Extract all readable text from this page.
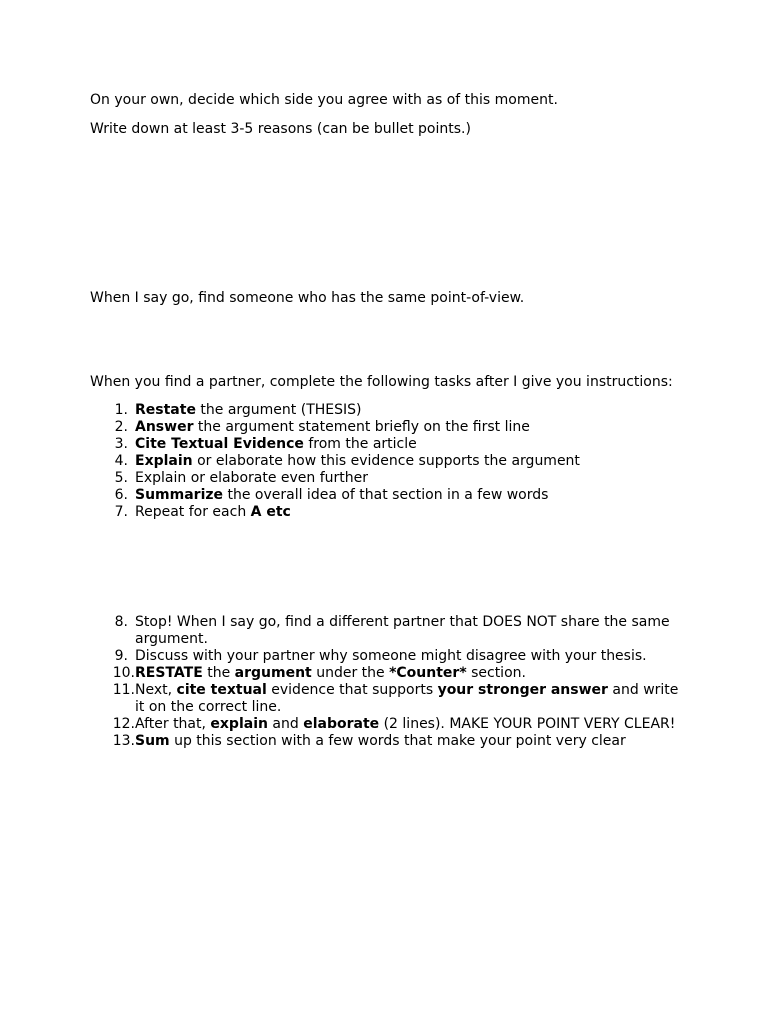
On your own, decide which side you agree with as of this moment.

Write down at least 3-5 reasons (can be bullet points.)

When I say go, find someone who has the same point-of-view.

When you find a partner, complete the following tasks after I give you instructions:

1. Restate the argument (THESIS)
2. Answer the argument statement briefly on the first line
3. Cite Textual Evidence from the article
4. Explain or elaborate how this evidence supports the argument
5. Explain or elaborate even further
6. Summarize the overall idea of that section in a few words
7. Repeat for each A etc
8. Stop! When I say go, find a different partner that DOES NOT share the same argument.
9. Discuss with your partner why someone might disagree with your thesis.
10. RESTATE the argument under the *Counter* section.
11. Next, cite textual evidence that supports your stronger answer and write it on the correct line.
12. After that, explain and elaborate (2 lines). MAKE YOUR POINT VERY CLEAR!
13. Sum up this section with a few words that make your point very clear
